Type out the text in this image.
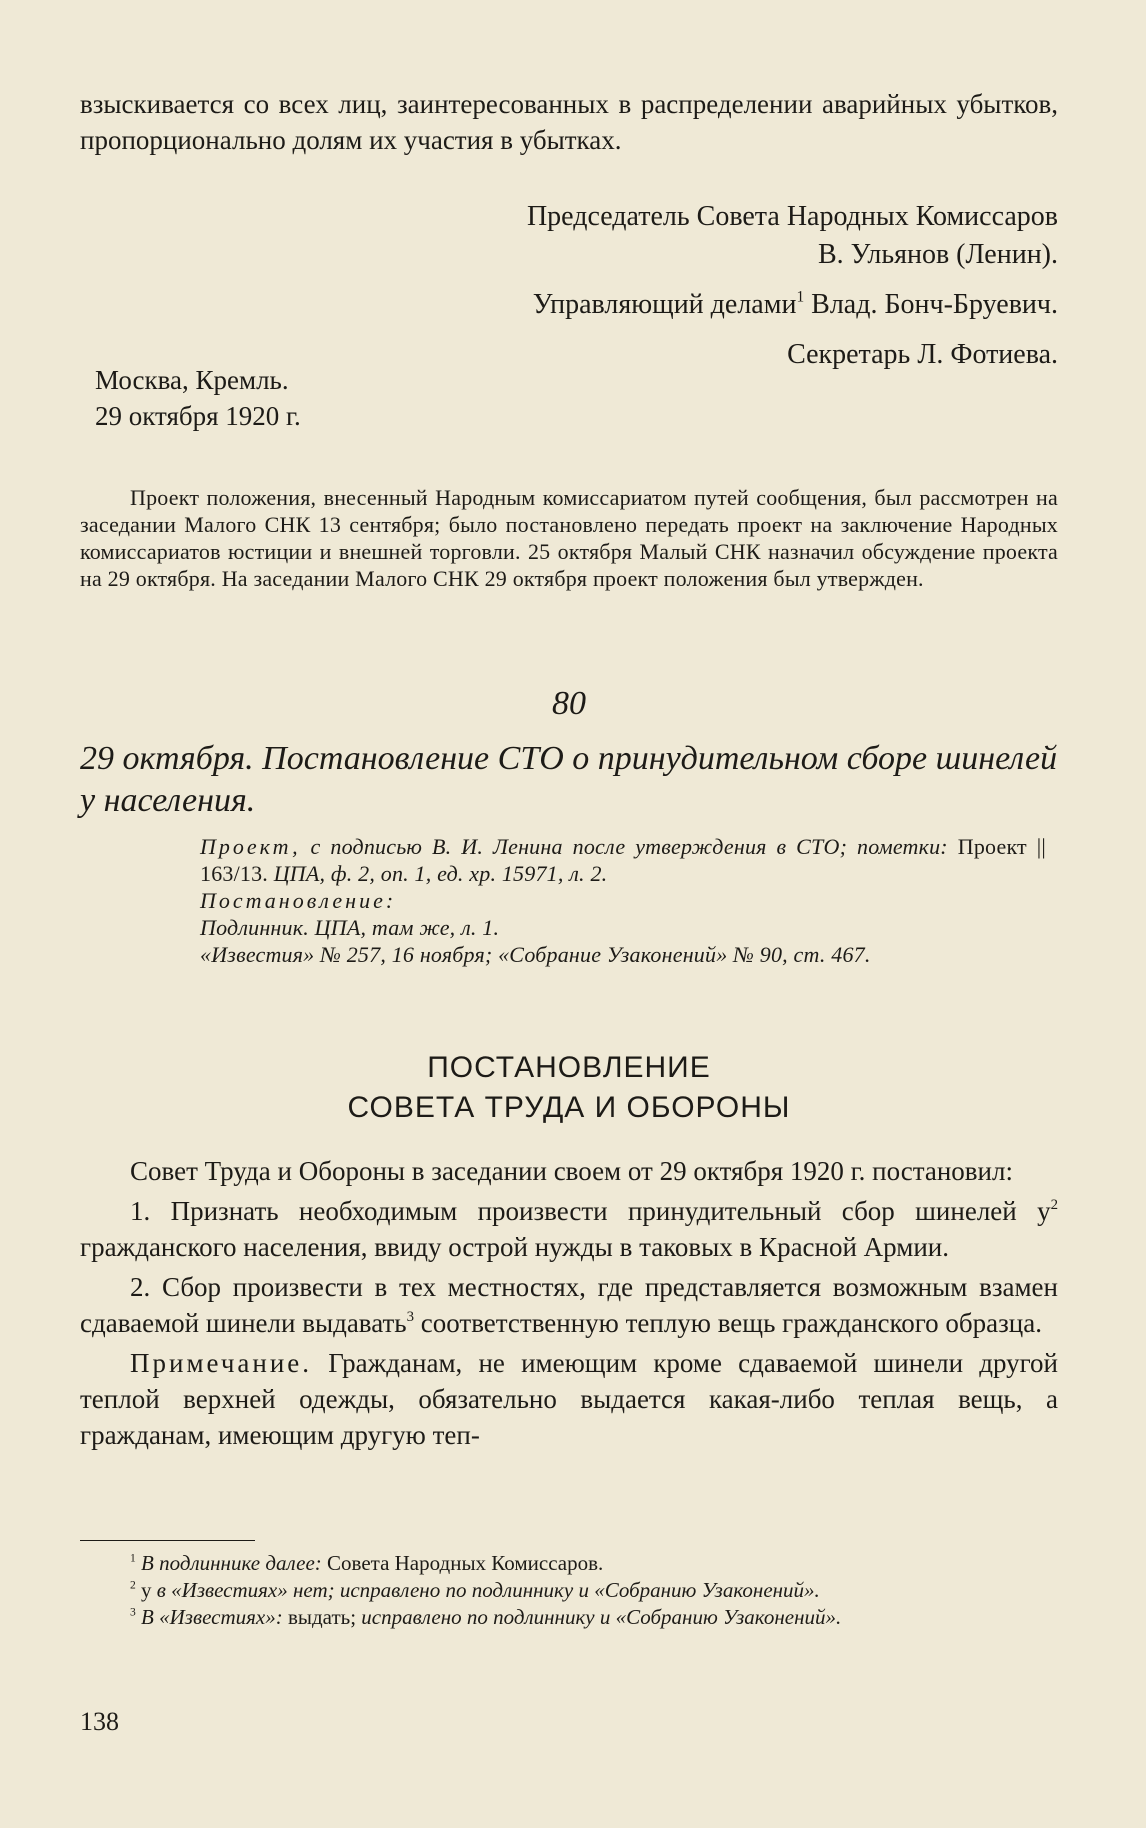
взыскивается со всех лиц, заинтересованных в распределении аварийных убытков, пропорционально долям их участия в убытках.

Председатель Совета Народных Комиссаров

В. Ульянов (Ленин).

Управляющий делами$^1$ Влад. Бонч-Бруевич.

Секретарь Л. Фотиева.

Москва, Кремль.

29 октября 1920 г.

Проект положения, внесенный Народным комиссариатом путей сообщения, был рассмотрен на заседании Малого СНК 13 сентября; было постановлено передать проект на заключение Народных комиссариатов юстиции и внешней торговли. 25 октября Малый СНК назначил обсуждение проекта на 29 октября. На заседании Малого СНК 29 октября проект положения был утвержден.

80

29 октября. Постановление СТО о принудительном сборе шинелей у населения.

Проект, с подписью В. И. Ленина после утверждения в СТО; пометки: Проект || 163/13. ЦПА, ф. 2, оп. 1, ед. хр. 15971, л. 2.

Постановление:

Подлинник. ЦПА, там же, л. 1.

«Известия» № 257, 16 ноября; «Собрание Узаконений» № 90, ст. 467.

ПОСТАНОВЛЕНИЕ

СОВЕТА ТРУДА И ОБОРОНЫ

Совет Труда и Обороны в заседании своем от 29 октября 1920 г. постановил:

1. Признать необходимым произвести принудительный сбор шинелей $у^2$ гражданского населения, ввиду острой нужды в таковых в Красной Армии.

2. Сбор произвести в тех местностях, где представляется возможным взамен сдаваемой шинели выдавать$^3$ соответственную теплую вещь гражданского образца.

Примечание. Гражданам, не имеющим кроме сдаваемой шинели другой теплой верхней одежды, обязательно выдается какая-либо теплая вещь, а гражданам, имеющим другую теп-

$^1$ В подлиннике далее: Совета Народных Комиссаров.

$^2$ у в «Известиях» нет; исправлено по подлиннику и «Собранию Узаконений».

$^3$ В «Известиях»: выдать; исправлено по подлиннику и «Собранию Узаконений».

138
